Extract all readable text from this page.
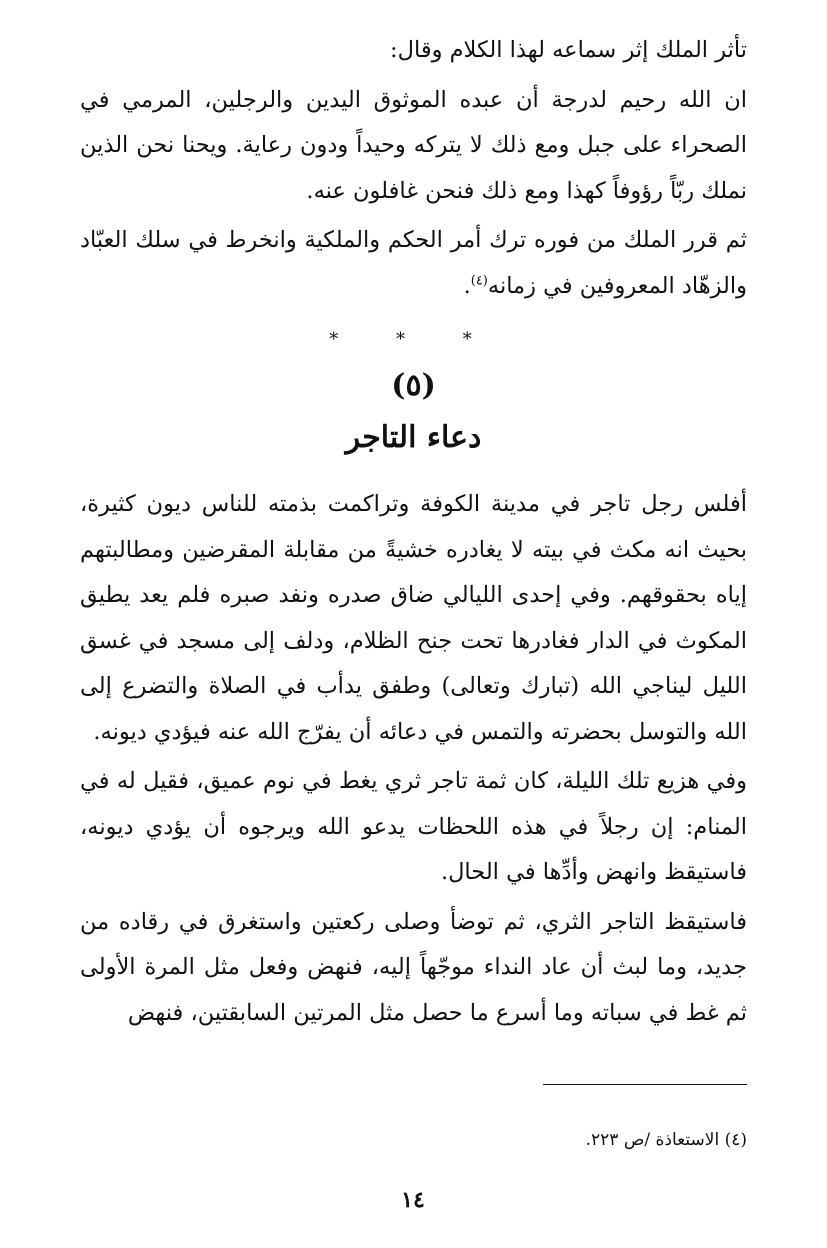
تأثر الملك إثر سماعه لهذا الكلام وقال:

ان الله رحيم لدرجة أن عبده الموثوق اليدين والرجلين، المرمي في الصحراء على جبل ومع ذلك لا يتركه وحيداً ودون رعاية. ويحنا نحن الذين نملك ربّاً رؤوفاً كهذا ومع ذلك فنحن غافلون عنه.

ثم قرر الملك من فوره ترك أمر الحكم والملكية وانخرط في سلك العبّاد والزهّاد المعروفين في زمانه$^{(٤)}$.

* * *
(٥)
دعاء التاجر

أفلس رجل تاجر في مدينة الكوفة وتراكمت بذمته للناس ديون كثيرة، بحيث انه مكث في بيته لا يغادره خشيةً من مقابلة المقرضين ومطالبتهم إياه بحقوقهم. وفي إحدى الليالي ضاق صدره ونفد صبره فلم يعد يطيق المكوث في الدار فغادرها تحت جنح الظلام، ودلف إلى مسجد في غسق الليل ليناجي الله (تبارك وتعالى) وطفق يدأب في الصلاة والتضرع إلى الله والتوسل بحضرته والتمس في دعائه أن يفرّج الله عنه فيؤدي ديونه.

وفي هزيع تلك الليلة، كان ثمة تاجر ثري يغط في نوم عميق، فقيل له في المنام: إن رجلاً في هذه اللحظات يدعو الله ويرجوه أن يؤدي ديونه، فاستيقظ وانهض وأدِّها في الحال.

فاستيقظ التاجر الثري، ثم توضأ وصلى ركعتين واستغرق في رقاده من جديد، وما لبث أن عاد النداء موجّهاً إليه، فنهض وفعل مثل المرة الأولى ثم غط في سباته وما أسرع ما حصل مثل المرتين السابقتين، فنهض

(٤) الاستعاذة /ص ٢٢٣.
١٤
